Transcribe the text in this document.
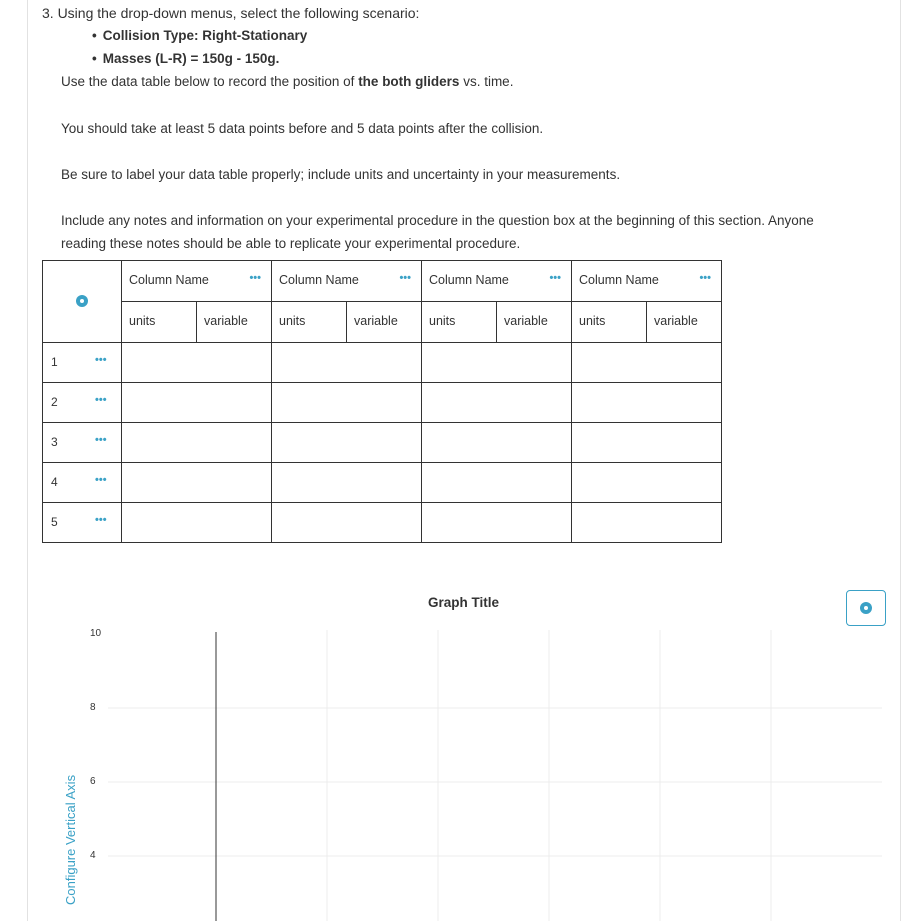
3. Using the drop-down menus, select the following scenario:
• Collision Type: Right-Stationary
• Masses (L-R) = 150g - 150g.
Use the data table below to record the position of the both gliders vs. time.
You should take at least 5 data points before and 5 data points after the collision.
Be sure to label your data table properly; include units and uncertainty in your measurements.
Include any notes and information on your experimental procedure in the question box at the beginning of this section. Anyone
reading these notes should be able to replicate your experimental procedure.

	Column Name •••	Column Name •••	Column Name •••	Column Name •••

	units variable	units variable	units variable	units variable

1 •••				

2 •••				

3 •••				

4 •••				

5 •••				

Graph Title
Configure Vertical Axis
10
8
6
4
